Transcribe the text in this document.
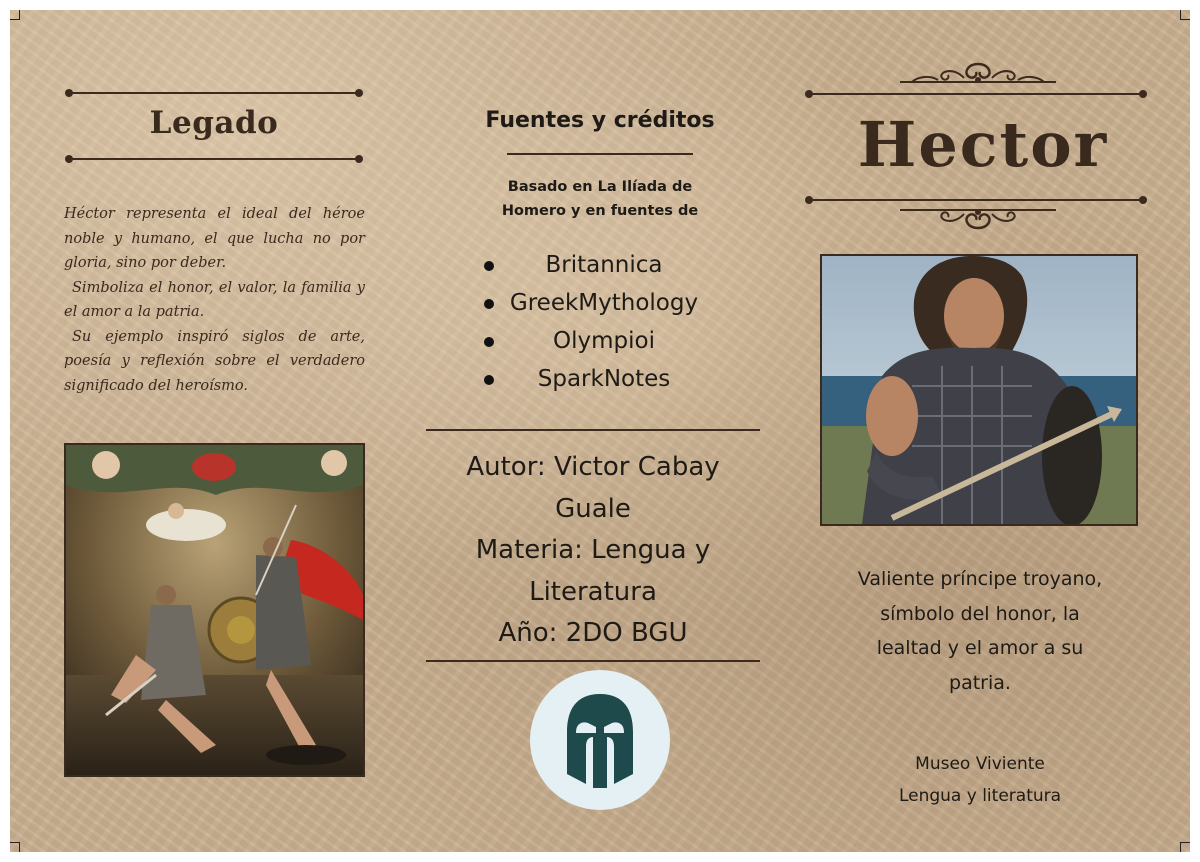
Legado

Héctor representa el ideal del héroe noble y humano, el que lucha no por gloria, sino por deber.

Simboliza el honor, el valor, la familia y el amor a la patria.

Su ejemplo inspiró siglos de arte, poesía y reflexión sobre el verdadero significado del heroísmo.

Fuentes y créditos
Basado en La Ilíada de
Homero y en fuentes de
Britannica
GreekMythology
Olympioi
SparkNotes
Autor: Victor Cabay
Guale
Materia: Lengua y
Literatura
Año: 2DO BGU
Hector
Valiente príncipe troyano,
símbolo del honor, la
lealtad y el amor a su
patria.
Museo Viviente
Lengua y literatura
